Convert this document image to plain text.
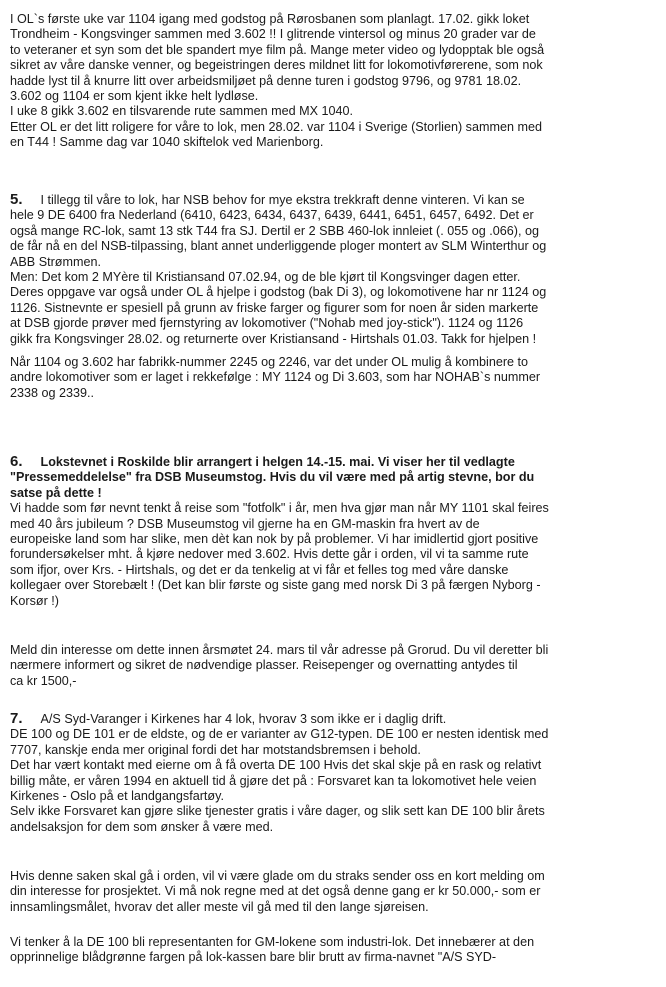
I OL`s første uke var 1104 igang med godstog på Rørosbanen som planlagt. 17.02. gikk loket
Trondheim - Kongsvinger sammen med 3.602 !! I glitrende vintersol og minus 20 grader var de
to veteraner et syn som det ble spandert mye film på. Mange meter video og lydopptak ble også
sikret av våre danske venner, og begeistringen deres mildnet litt for lokomotivførerene, som nok
hadde lyst til å knurre litt over arbeidsmiljøet på denne turen i godstog 9796, og 9781 18.02.
3.602 og 1104 er som kjent ikke helt lydløse.
I uke 8 gikk 3.602 en tilsvarende rute sammen med MX 1040.
Etter OL er det litt roligere for våre to lok, men 28.02. var 1104 i Sverige (Storlien) sammen med
en T44 ! Samme dag var 1040 skiftelok ved Marienborg.
5. I tillegg til våre to lok, har NSB behov for mye ekstra trekkraft denne vinteren. Vi kan se
hele 9 DE 6400 fra Nederland (6410, 6423, 6434, 6437, 6439, 6441, 6451, 6457, 6492. Det er
også mange RC-lok, samt 13 stk T44 fra SJ. Dertil er 2 SBB 460-lok innleiet (. 055 og .066), og
de får nå en del NSB-tilpassing, blant annet underliggende ploger montert av SLM Winterthur og
ABB Strømmen.
Men: Det kom 2 MYère til Kristiansand 07.02.94, og de ble kjørt til Kongsvinger dagen etter.
Deres oppgave var også under OL å hjelpe i godstog (bak Di 3), og lokomotivene har nr 1124 og
1126. Sistnevnte er spesiell på grunn av friske farger og figurer som for noen år siden markerte
at DSB gjorde prøver med fjernstyring av lokomotiver ("Nohab med joy-stick"). 1124 og 1126
gikk fra Kongsvinger 28.02. og returnerte over Kristiansand - Hirtshals 01.03. Takk for hjelpen !
Når 1104 og 3.602 har fabrikk-nummer 2245 og 2246, var det under OL mulig å kombinere to
andre lokomotiver som er laget i rekkefølge : MY 1124 og Di 3.603, som har NOHAB`s nummer
2338 og 2339..
6. Lokstevnet i Roskilde blir arrangert i helgen 14.-15. mai. Vi viser her til vedlagte
"Pressemeddelelse" fra DSB Museumstog. Hvis du vil være med på artig stevne, bor du
satse på dette !
Vi hadde som før nevnt tenkt å reise som "fotfolk" i år, men hva gjør man når MY 1101 skal feires
med 40 års jubileum ? DSB Museumstog vil gjerne ha en GM-maskin fra hvert av de
europeiske land som har slike, men dèt kan nok by på problemer. Vi har imidlertid gjort positive
forundersøkelser mht. å kjøre nedover med 3.602. Hvis dette går i orden, vil vi ta samme rute
som ifjor, over Krs. - Hirtshals, og det er da tenkelig at vi får et felles tog med våre danske
kollegaer over Storebælt ! (Det kan blir første og siste gang med norsk Di 3 på færgen Nyborg -
Korsør !)
Meld din interesse om dette innen årsmøtet 24. mars til vår adresse på Grorud. Du vil deretter bli
nærmere informert og sikret de nødvendige plasser. Reisepenger og overnatting antydes til
ca kr 1500,-
7. A/S Syd-Varanger i Kirkenes har 4 lok, hvorav 3 som ikke er i daglig drift.
DE 100 og DE 101 er de eldste, og de er varianter av G12-typen. DE 100 er nesten identisk med
7707, kanskje enda mer original fordi det har motstandsbremsen i behold.
Det har vært kontakt med eierne om å få overta DE 100 Hvis det skal skje på en rask og relativt
billig måte, er våren 1994 en aktuell tid å gjøre det på : Forsvaret kan ta lokomotivet hele veien
Kirkenes - Oslo på et landgangsfartøy.
Selv ikke Forsvaret kan gjøre slike tjenester gratis i våre dager, og slik sett kan DE 100 blir årets
andelsaksjon for dem som ønsker å være med.
Hvis denne saken skal gå i orden, vil vi være glade om du straks sender oss en kort melding om
din interesse for prosjektet. Vi må nok regne med at det også denne gang er kr 50.000,- som er
innsamlingsmålet, hvorav det aller meste vil gå med til den lange sjøreisen.
Vi tenker å la DE 100 bli representanten for GM-lokene som industri-lok. Det innebærer at den
opprinnelige blådgrønne fargen på lok-kassen bare blir brutt av firma-navnet "A/S SYD-
